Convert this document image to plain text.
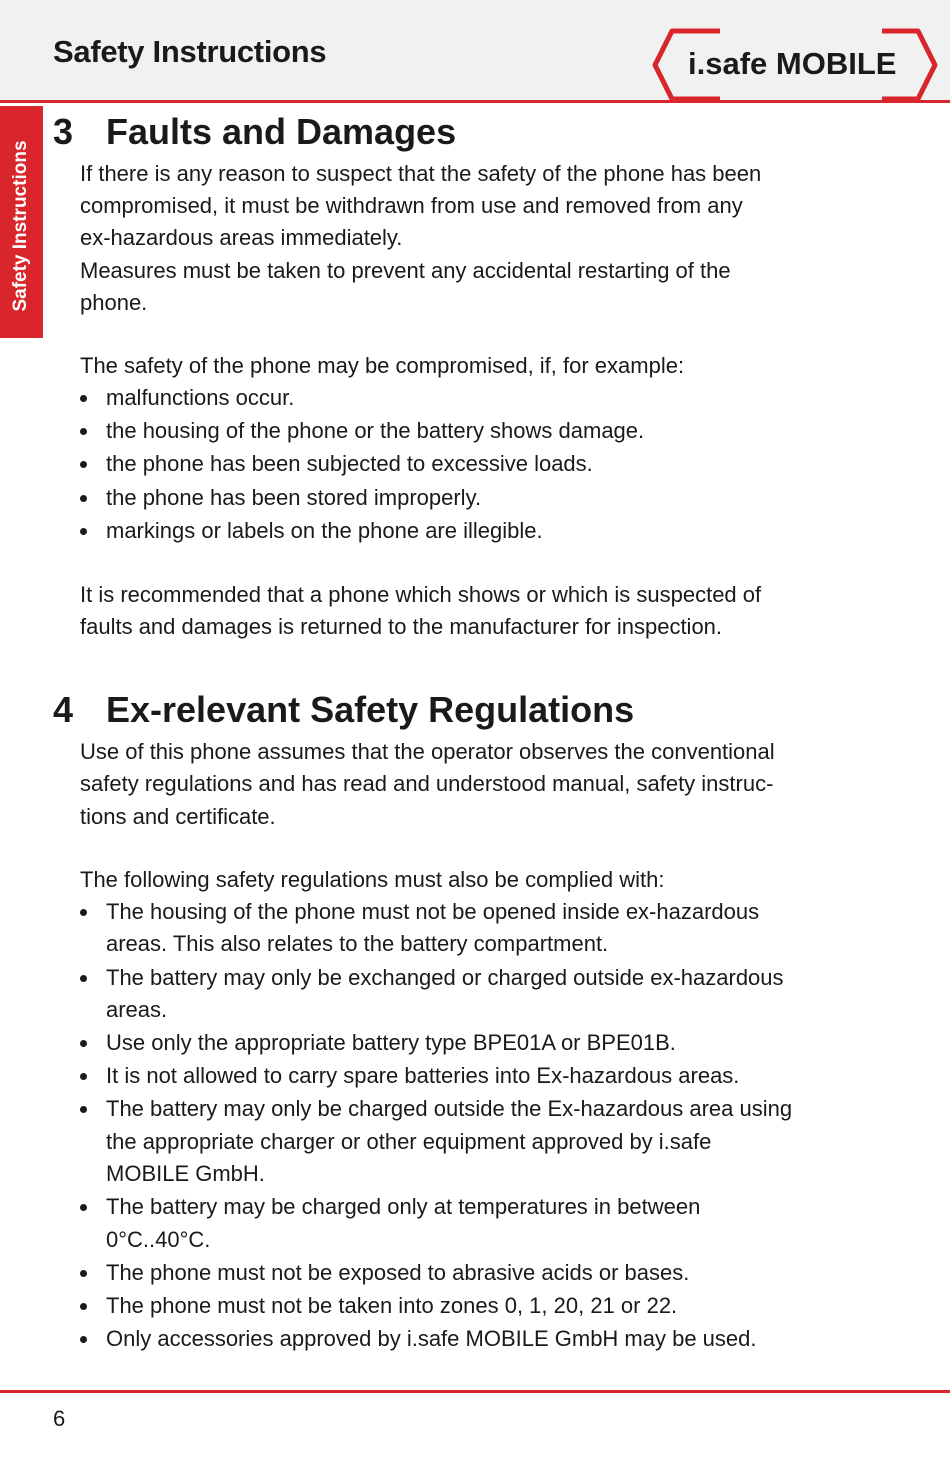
Safety Instructions	i.safe MOBILE
Safety Instructions
3 Faults and Damages
If there is any reason to suspect that the safety of the phone has been
compromised, it must be withdrawn from use and removed from any
ex-hazardous areas immediately.
Measures must be taken to prevent any accidental restarting of the
phone.
The safety of the phone may be compromised, if, for example:
malfunctions occur.
the housing of the phone or the battery shows damage.
the phone has been subjected to excessive loads.
the phone has been stored improperly.
markings or labels on the phone are illegible.
It is recommended that a phone which shows or which is suspected of
faults and damages is returned to the manufacturer for inspection.
4 Ex-relevant Safety Regulations
Use of this phone assumes that the operator observes the conventional
safety regulations and has read and understood manual, safety instruc-
tions and certificate.
The following safety regulations must also be complied with:
The housing of the phone must not be opened inside ex-hazardous
areas. This also relates to the battery compartment.
The battery may only be exchanged or charged outside ex-hazardous
areas.
Use only the appropriate battery type BPE01A or BPE01B.
It is not allowed to carry spare batteries into Ex-hazardous areas.
The battery may only be charged outside the Ex-hazardous area using
the appropriate charger or other equipment approved by i.safe
MOBILE GmbH.
The battery may be charged only at temperatures in between
0°C..40°C.
The phone must not be exposed to abrasive acids or bases.
The phone must not be taken into zones 0, 1, 20, 21 or 22.
Only accessories approved by i.safe MOBILE GmbH may be used.
6
